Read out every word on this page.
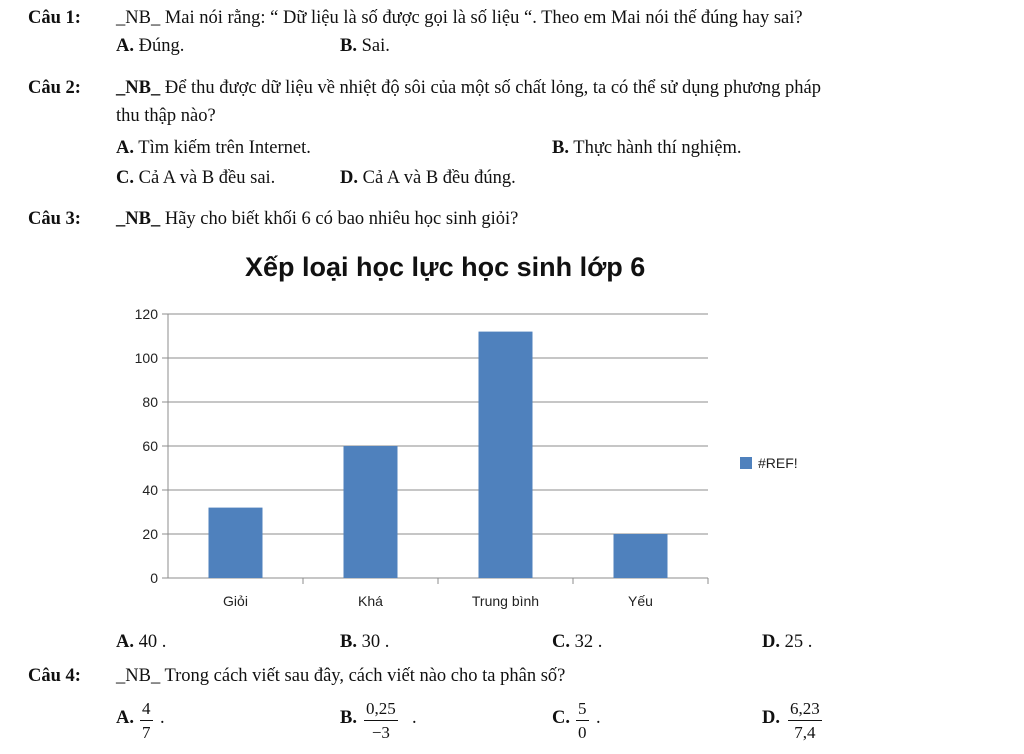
Câu 1: _NB_ Mai nói rằng: “ Dữ liệu là số được gọi là số liệu “. Theo em Mai nói thế đúng hay sai?
A. Đúng.	B. Sai.
Câu 2: _NB_ Để thu được dữ liệu về nhiệt độ sôi của một số chất lỏng, ta có thể sử dụng phương pháp
thu thập nào?
A. Tìm kiếm trên Internet.	B. Thực hành thí nghiệm.
C. Cả A và B đều sai.	D. Cả A và B đều đúng.
Câu 3: _NB_ Hãy cho biết khối 6 có bao nhiêu học sinh giỏi?
Xếp loại học lực học sinh lớp 6
0
20
40
60
80
100
120
Giỏi	Khá	Trung bình	Yếu
#REF!
A. 40 .	B. 30 .	C. 32 .	D. 25 .
Câu 4: _NB_ Trong cách viết sau đây, cách viết nào cho ta phân số?
A. $\frac{4}{7}$ .	B. $\frac{0,25}{-3}$ .	C. $\frac{5}{0}$ .	D. $\frac{6,23}{7,4}$
